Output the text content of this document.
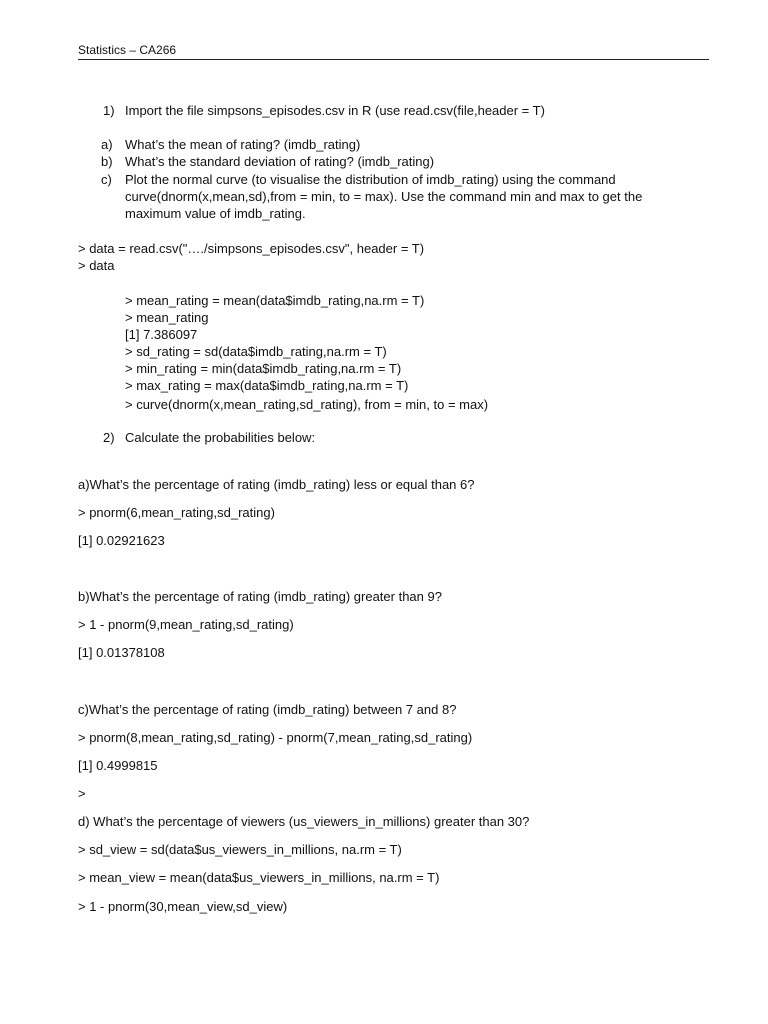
Statistics – CA266
1) Import the file simpsons_episodes.csv in R (use read.csv(file,header = T)
a) What’s the mean of rating? (imdb_rating)
b) What’s the standard deviation of rating? (imdb_rating)
c) Plot the normal curve (to visualise the distribution of imdb_rating) using the command
curve(dnorm(x,mean,sd),from = min, to = max). Use the command min and max to get the
maximum value of imdb_rating.
> data = read.csv("…./simpsons_episodes.csv", header = T)
> data
> mean_rating = mean(data$imdb_rating,na.rm = T)
> mean_rating
[1] 7.386097
> sd_rating = sd(data$imdb_rating,na.rm = T)
> min_rating = min(data$imdb_rating,na.rm = T)
> max_rating = max(data$imdb_rating,na.rm = T)
> curve(dnorm(x,mean_rating,sd_rating), from = min, to = max)
2) Calculate the probabilities below:
a)What’s the percentage of rating (imdb_rating) less or equal than 6?
> pnorm(6,mean_rating,sd_rating)
[1] 0.02921623
b)What’s the percentage of rating (imdb_rating) greater than 9?
> 1 - pnorm(9,mean_rating,sd_rating)
[1] 0.01378108
c)What’s the percentage of rating (imdb_rating) between 7 and 8?
> pnorm(8,mean_rating,sd_rating) - pnorm(7,mean_rating,sd_rating)
[1] 0.4999815
>
d) What’s the percentage of viewers (us_viewers_in_millions) greater than 30?
> sd_view = sd(data$us_viewers_in_millions, na.rm = T)
> mean_view = mean(data$us_viewers_in_millions, na.rm = T)
> 1 - pnorm(30,mean_view,sd_view)
